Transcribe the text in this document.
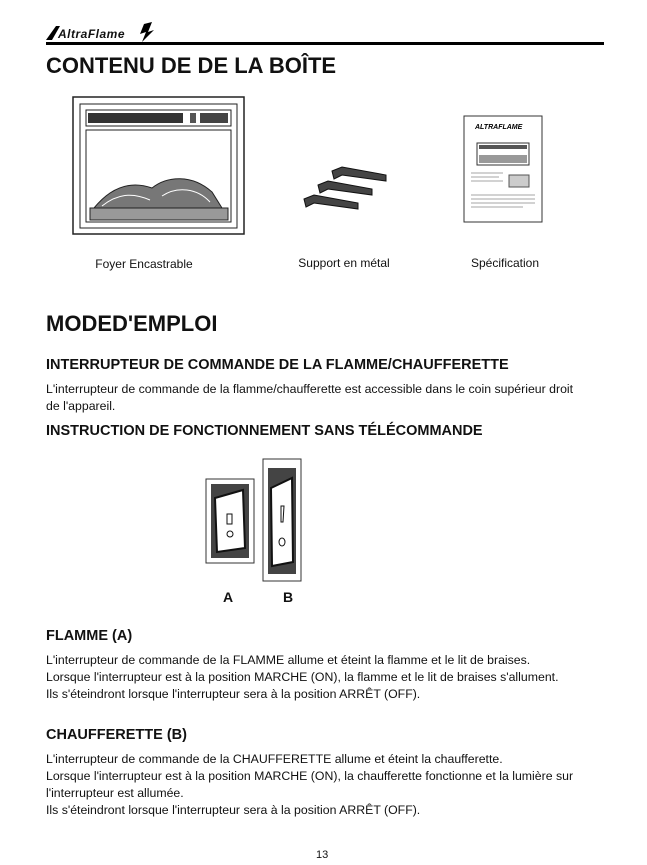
AltraFlame
CONTENU DE DE LA BOÎTE
Foyer Encastrable	Support en métal
ALTRAFLAME
Spécification
MODED'EMPLOI
INTERRUPTEUR DE COMMANDE DE LA FLAMME/CHAUFFERETTE

L'interrupteur de commande de la flamme/chaufferette est accessible dans le coin supérieur droit

de l'appareil.

INSTRUCTION DE FONCTIONNEMENT SANS TÉLÉCOMMANDE
A	B
FLAMME (A)

L'interrupteur de commande de la FLAMME allume et éteint la flamme et le lit de braises.

Lorsque l'interrupteur est à la position MARCHE (ON), la flamme et le lit de braises s'allument.

Ils s'éteindront lorsque l'interrupteur sera à la position ARRÊT (OFF).

CHAUFFERETTE (B)

L'interrupteur de commande de la CHAUFFERETTE allume et éteint la chaufferette.

Lorsque l'interrupteur est à la position MARCHE (ON), la chaufferette fonctionne et la lumière sur

l'interrupteur est allumée.

Ils s'éteindront lorsque l'interrupteur sera à la position ARRÊT (OFF).

13
